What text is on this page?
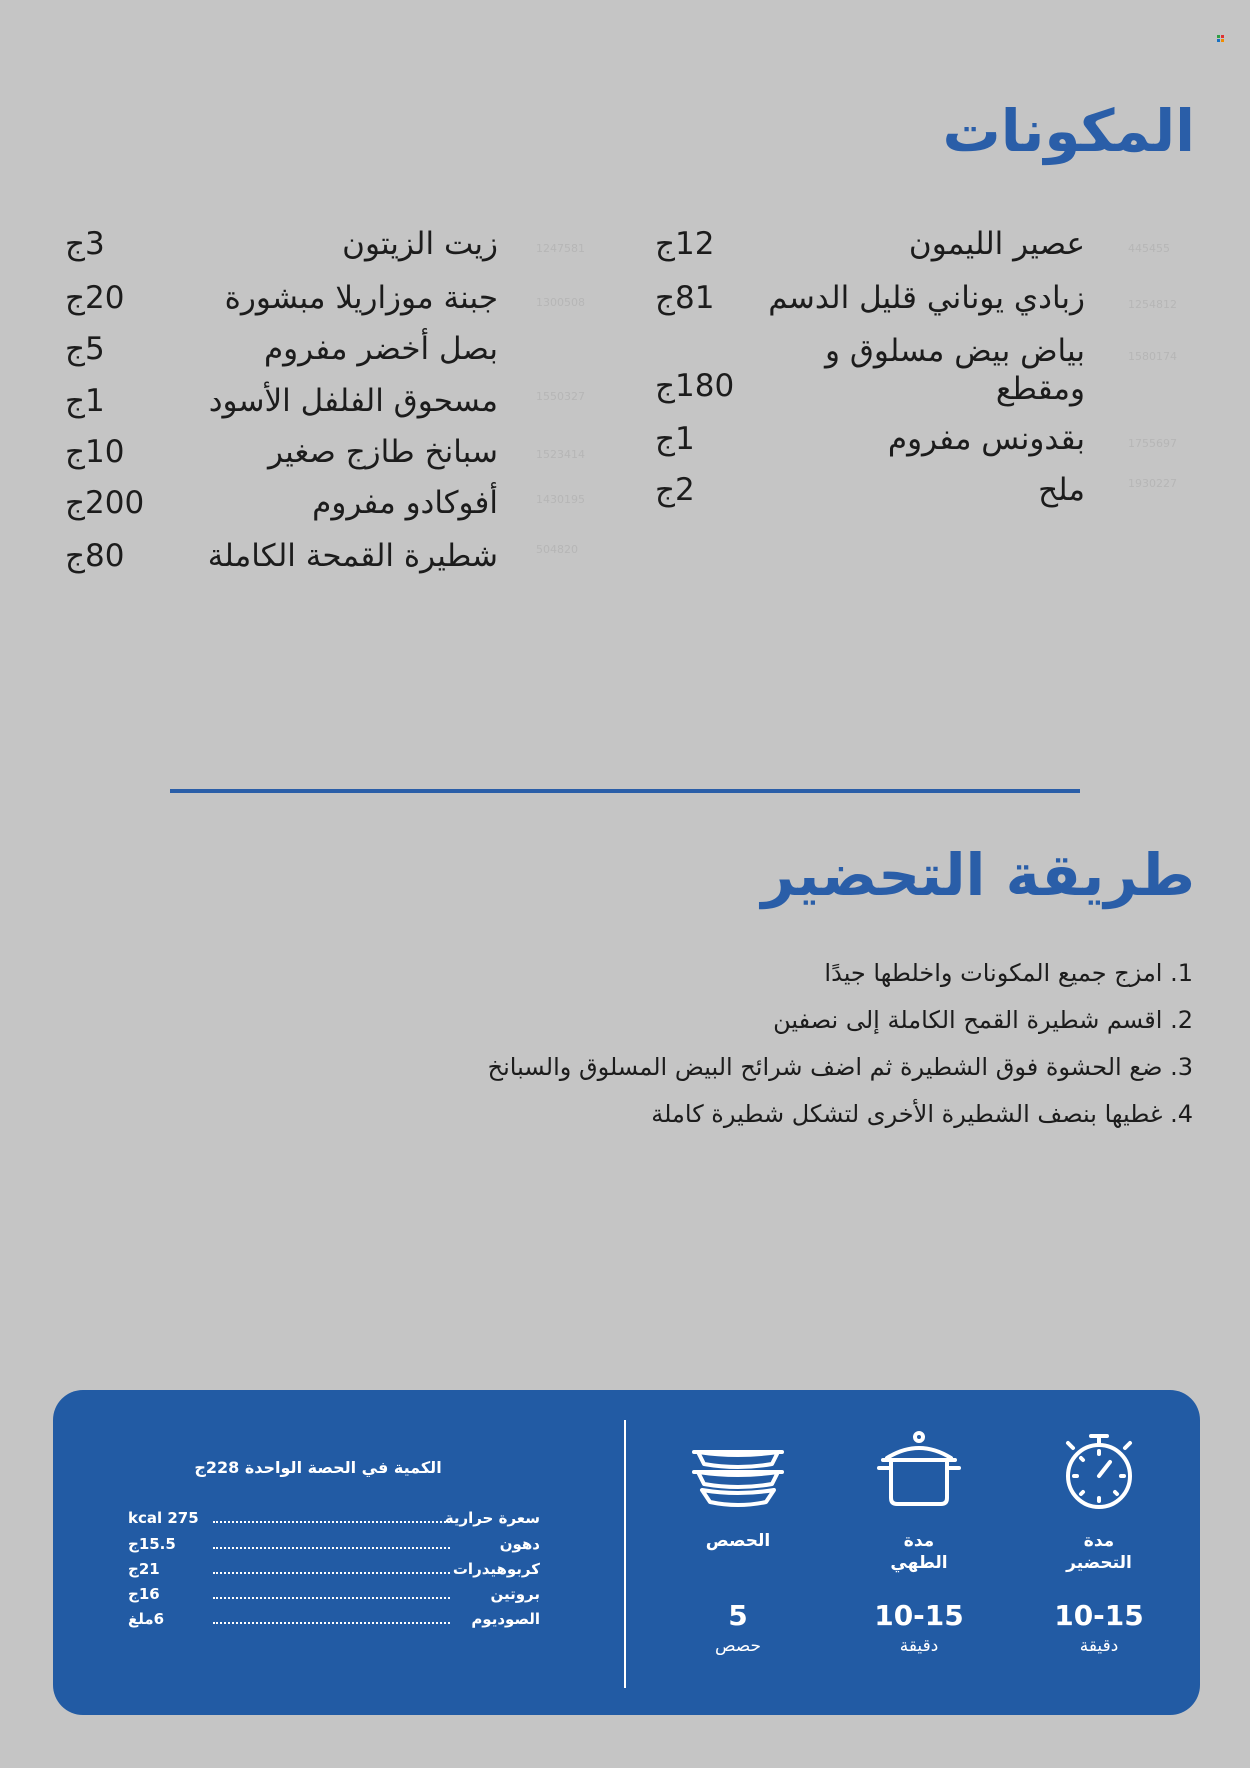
المكونات
عصير الليمون
12ج	445455
زبادي يوناني قليل الدسم
81ج	1254812
بياض بيض مسلوق و ومقطع
180ج
1580174
بقدونس مفروم
1ج	1755697
ملح
2ج	1930227
زيت الزيتون
3ج	1247581
جبنة موزاريلا مبشورة
20ج	1300508
بصل أخضر مفروم
5ج
مسحوق الفلفل الأسود
1ج	1550327
سبانخ طازج صغير
10ج	1523414
أفوكادو مفروم
200ج	1430195
شطيرة القمحة الكاملة
80ج	504820
طريقة التحضير
1. امزج جميع المكونات واخلطها جيدًا
2. اقسم شطيرة القمح الكاملة إلى نصفين
3. ضع الحشوة فوق الشطيرة ثم اضف شرائح البيض المسلوق والسبانخ
4. غطيها بنصف الشطيرة الأخرى لتشكل شطيرة كاملة
مدة
التحضير
10-15
دقيقة
مدة
الطهي
10-15
دقيقة
الحصص
5
حصص
الكمية في الحصة الواحدة 228ج
سعرة حرارية
kcal 275
دهون
15.5ج
كربوهيدرات
21ج
بروتين
16ج
الصوديوم
6ملغ
